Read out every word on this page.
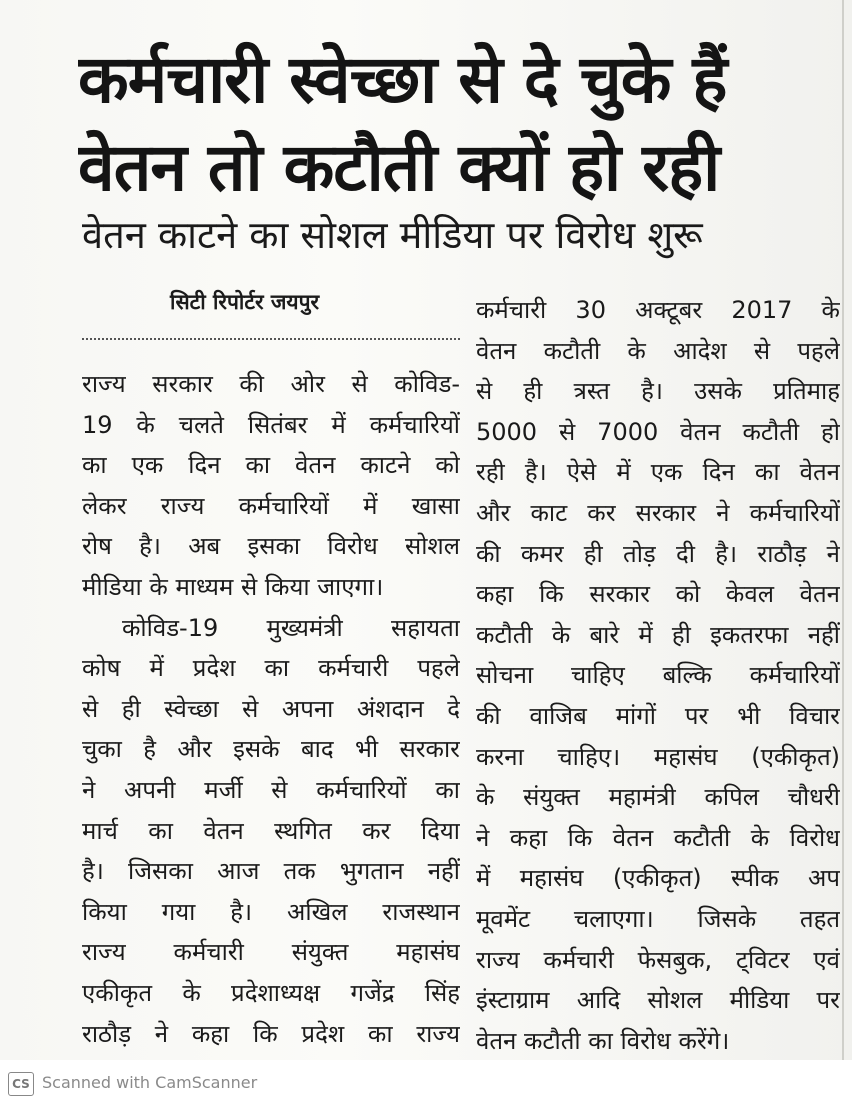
कर्मचारी स्वेच्छा से दे चुके हैं
वेतन तो कटौती क्यों हो रही
वेतन काटने का सोशल मीडिया पर विरोध शुरू
सिटी रिपोर्टर जयपुर
राज्य सरकार की ओर से कोविड-
19 के चलते सितंबर में कर्मचारियों
का एक दिन का वेतन काटने को
लेकर राज्य कर्मचारियों में खासा
रोष है। अब इसका विरोध सोशल
मीडिया के माध्यम से किया जाएगा।
कोविड-19 मुख्यमंत्री सहायता
कोष में प्रदेश का कर्मचारी पहले
से ही स्वेच्छा से अपना अंशदान दे
चुका है और इसके बाद भी सरकार
ने अपनी मर्जी से कर्मचारियों का
मार्च का वेतन स्थगित कर दिया
है। जिसका आज तक भुगतान नहीं
किया गया है। अखिल राजस्थान
राज्य कर्मचारी संयुक्त महासंघ
एकीकृत के प्रदेशाध्यक्ष गजेंद्र सिंह
राठौड़ ने कहा कि प्रदेश का राज्य
कर्मचारी 30 अक्टूबर 2017 के
वेतन कटौती के आदेश से पहले
से ही त्रस्त है। उसके प्रतिमाह
5000 से 7000 वेतन कटौती हो
रही है। ऐसे में एक दिन का वेतन
और काट कर सरकार ने कर्मचारियों
की कमर ही तोड़ दी है। राठौड़ ने
कहा कि सरकार को केवल वेतन
कटौती के बारे में ही इकतरफा नहीं
सोचना चाहिए बल्कि कर्मचारियों
की वाजिब मांगों पर भी विचार
करना चाहिए। महासंघ (एकीकृत)
के संयुक्त महामंत्री कपिल चौधरी
ने कहा कि वेतन कटौती के विरोध
में महासंघ (एकीकृत) स्पीक अप
मूवमेंट चलाएगा। जिसके तहत
राज्य कर्मचारी फेसबुक, ट्विटर एवं
इंस्टाग्राम आदि सोशल मीडिया पर
वेतन कटौती का विरोध करेंगे।
CS Scanned with CamScanner
